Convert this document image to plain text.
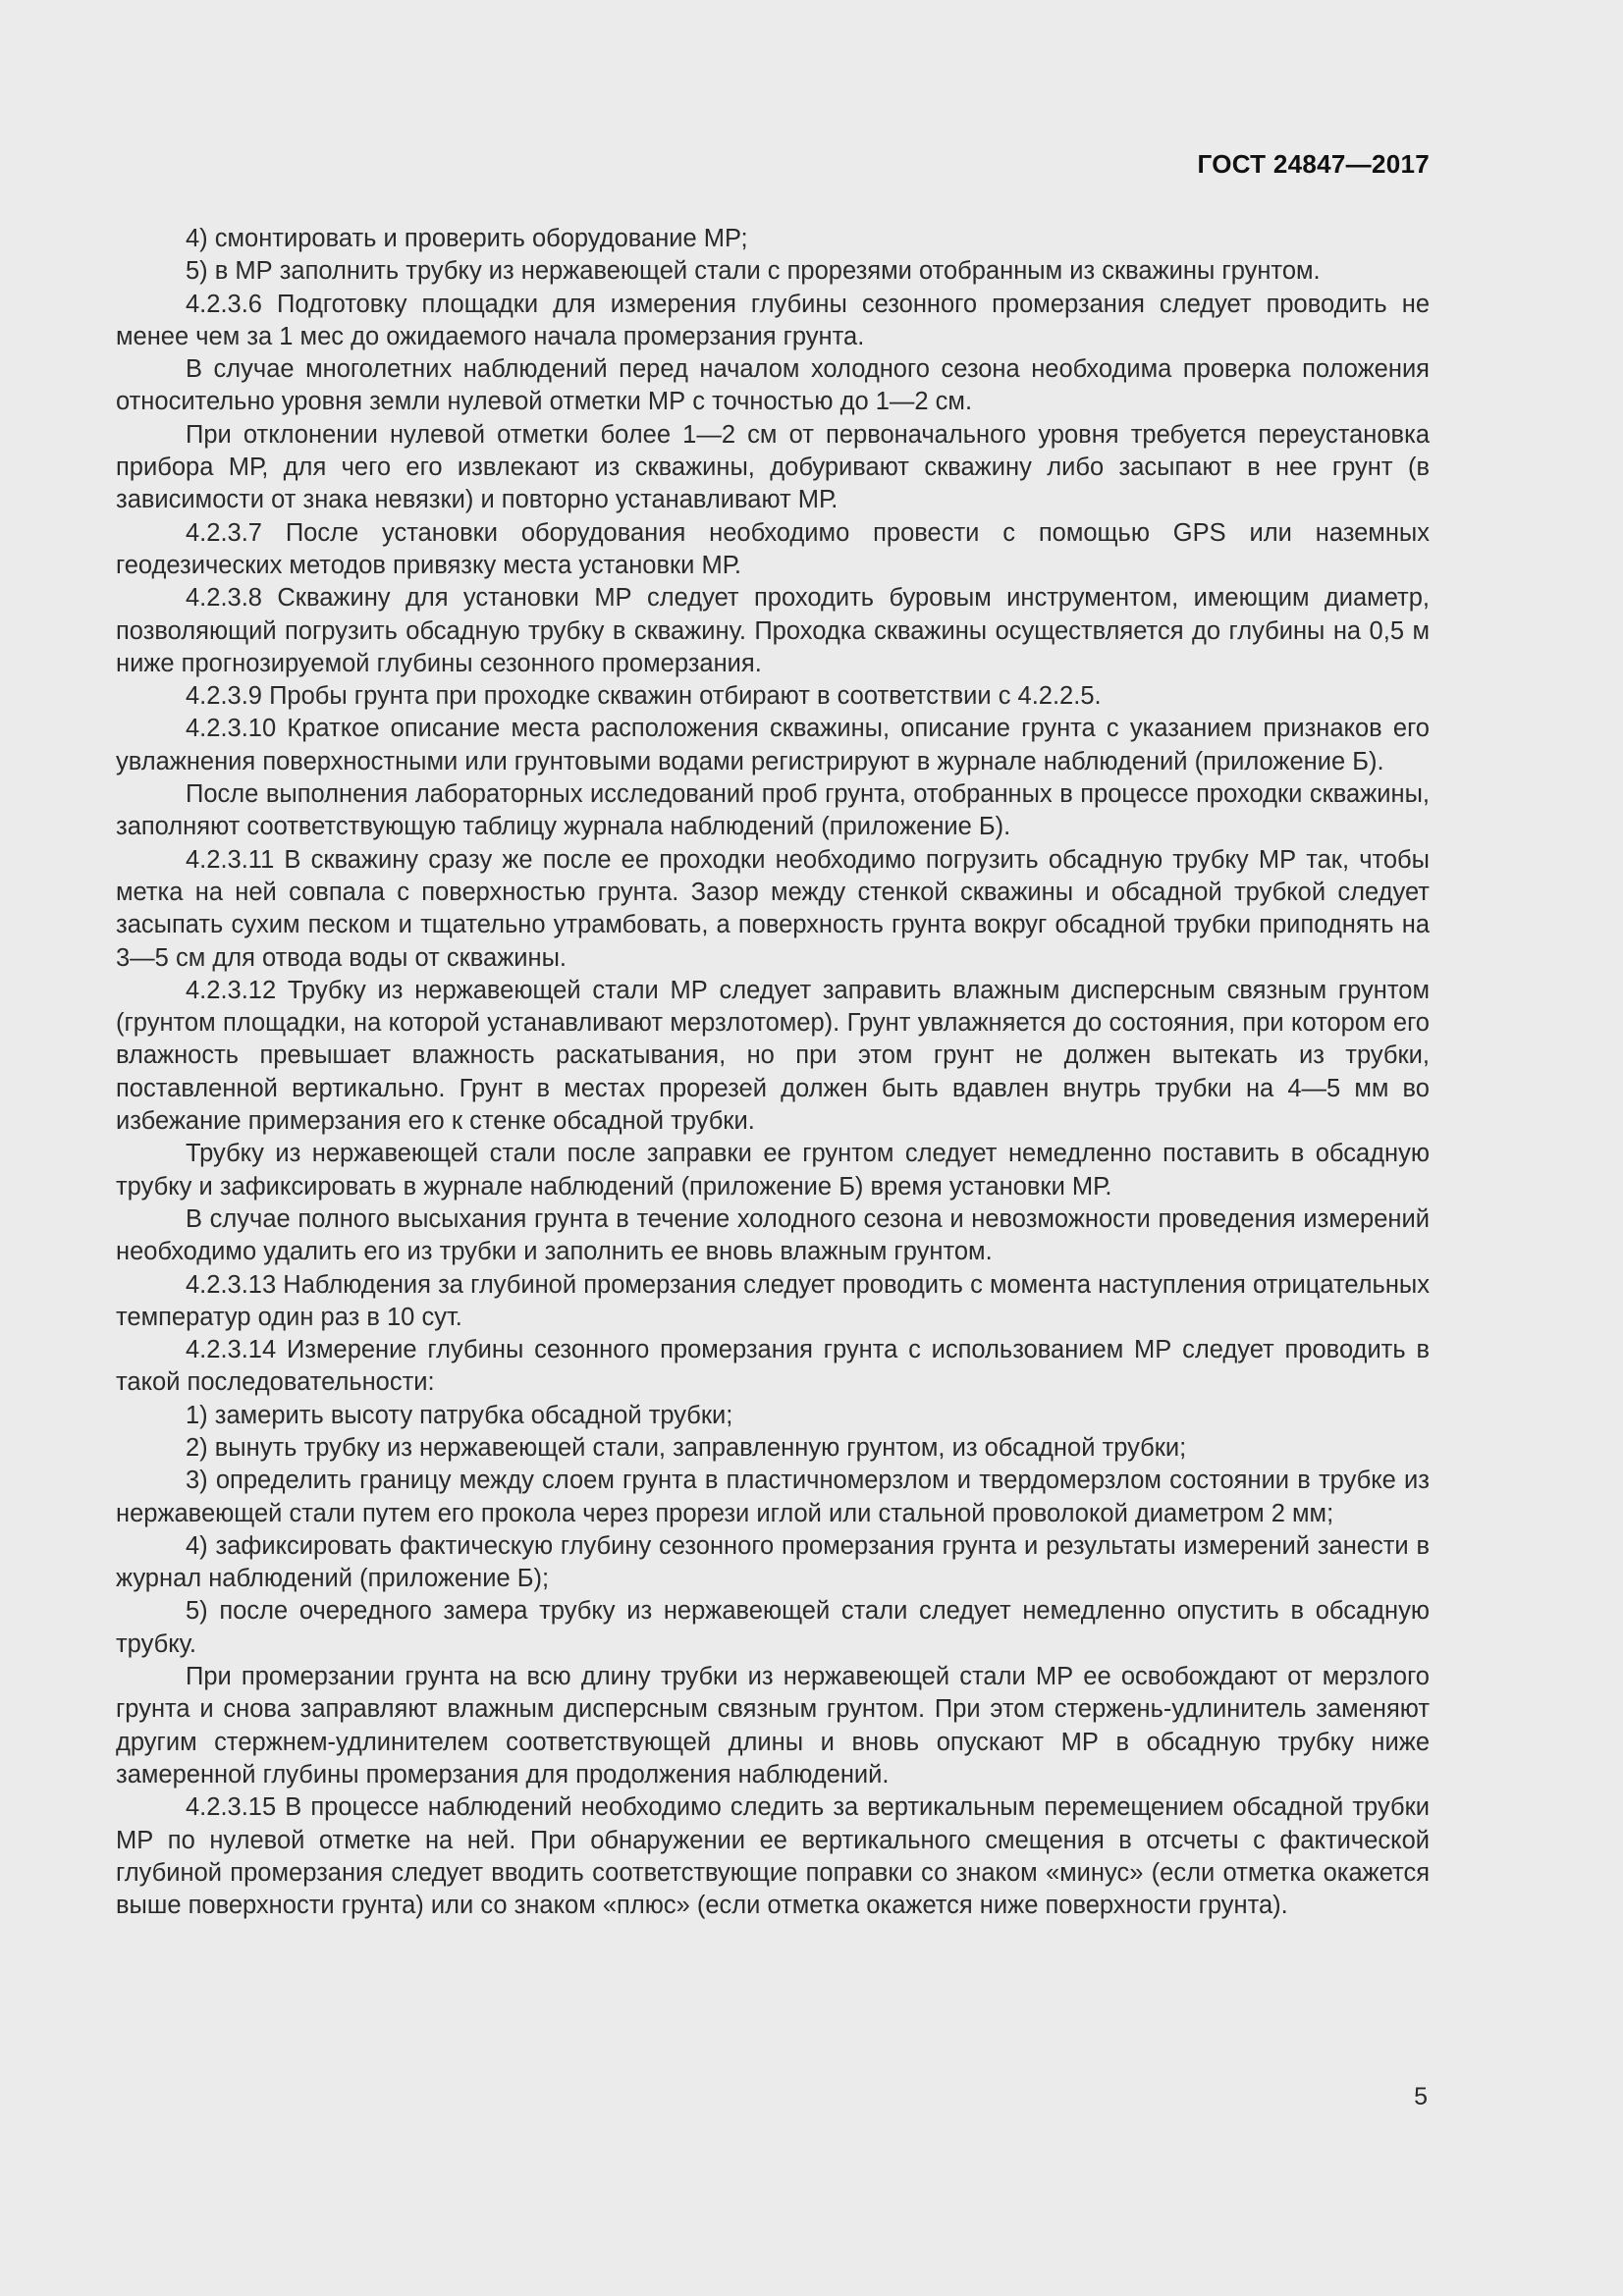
ГОСТ 24847—2017

4) смонтировать и проверить оборудование МР;

5) в МР заполнить трубку из нержавеющей стали с прорезями отобранным из скважины грунтом.

4.2.3.6 Подготовку площадки для измерения глубины сезонного промерзания следует проводить не менее чем за 1 мес до ожидаемого начала промерзания грунта.

В случае многолетних наблюдений перед началом холодного сезона необходима проверка положения относительно уровня земли нулевой отметки МР с точностью до 1—2 см.

При отклонении нулевой отметки более 1—2 см от первоначального уровня требуется переустановка прибора МР, для чего его извлекают из скважины, добуривают скважину либо засыпают в нее грунт (в зависимости от знака невязки) и повторно устанавливают МР.

4.2.3.7 После установки оборудования необходимо провести с помощью GPS или наземных геодезических методов привязку места установки МР.

4.2.3.8 Скважину для установки МР следует проходить буровым инструментом, имеющим диаметр, позволяющий погрузить обсадную трубку в скважину. Проходка скважины осуществляется до глубины на 0,5 м ниже прогнозируемой глубины сезонного промерзания.

4.2.3.9 Пробы грунта при проходке скважин отбирают в соответствии с 4.2.2.5.

4.2.3.10 Краткое описание места расположения скважины, описание грунта с указанием признаков его увлажнения поверхностными или грунтовыми водами регистрируют в журнале наблюдений (приложение Б).

После выполнения лабораторных исследований проб грунта, отобранных в процессе проходки скважины, заполняют соответствующую таблицу журнала наблюдений (приложение Б).

4.2.3.11 В скважину сразу же после ее проходки необходимо погрузить обсадную трубку МР так, чтобы метка на ней совпала с поверхностью грунта. Зазор между стенкой скважины и обсадной трубкой следует засыпать сухим песком и тщательно утрамбовать, а поверхность грунта вокруг обсадной трубки приподнять на 3—5 см для отвода воды от скважины.

4.2.3.12 Трубку из нержавеющей стали МР следует заправить влажным дисперсным связным грунтом (грунтом площадки, на которой устанавливают мерзлотомер). Грунт увлажняется до состояния, при котором его влажность превышает влажность раскатывания, но при этом грунт не должен вытекать из трубки, поставленной вертикально. Грунт в местах прорезей должен быть вдавлен внутрь трубки на 4—5 мм во избежание примерзания его к стенке обсадной трубки.

Трубку из нержавеющей стали после заправки ее грунтом следует немедленно поставить в обсадную трубку и зафиксировать в журнале наблюдений (приложение Б) время установки МР.

В случае полного высыхания грунта в течение холодного сезона и невозможности проведения измерений необходимо удалить его из трубки и заполнить ее вновь влажным грунтом.

4.2.3.13 Наблюдения за глубиной промерзания следует проводить с момента наступления отрицательных температур один раз в 10 сут.

4.2.3.14 Измерение глубины сезонного промерзания грунта с использованием МР следует проводить в такой последовательности:

1) замерить высоту патрубка обсадной трубки;

2) вынуть трубку из нержавеющей стали, заправленную грунтом, из обсадной трубки;

3) определить границу между слоем грунта в пластичномерзлом и твердомерзлом состоянии в трубке из нержавеющей стали путем его прокола через прорези иглой или стальной проволокой диаметром 2 мм;

4) зафиксировать фактическую глубину сезонного промерзания грунта и результаты измерений занести в журнал наблюдений (приложение Б);

5) после очередного замера трубку из нержавеющей стали следует немедленно опустить в обсадную трубку.

При промерзании грунта на всю длину трубки из нержавеющей стали МР ее освобождают от мерзлого грунта и снова заправляют влажным дисперсным связным грунтом. При этом стержень-удлинитель заменяют другим стержнем-удлинителем соответствующей длины и вновь опускают МР в обсадную трубку ниже замеренной глубины промерзания для продолжения наблюдений.

4.2.3.15 В процессе наблюдений необходимо следить за вертикальным перемещением обсадной трубки МР по нулевой отметке на ней. При обнаружении ее вертикального смещения в отсчеты с фактической глубиной промерзания следует вводить соответствующие поправки со знаком «минус» (если отметка окажется выше поверхности грунта) или со знаком «плюс» (если отметка окажется ниже поверхности грунта).

5
